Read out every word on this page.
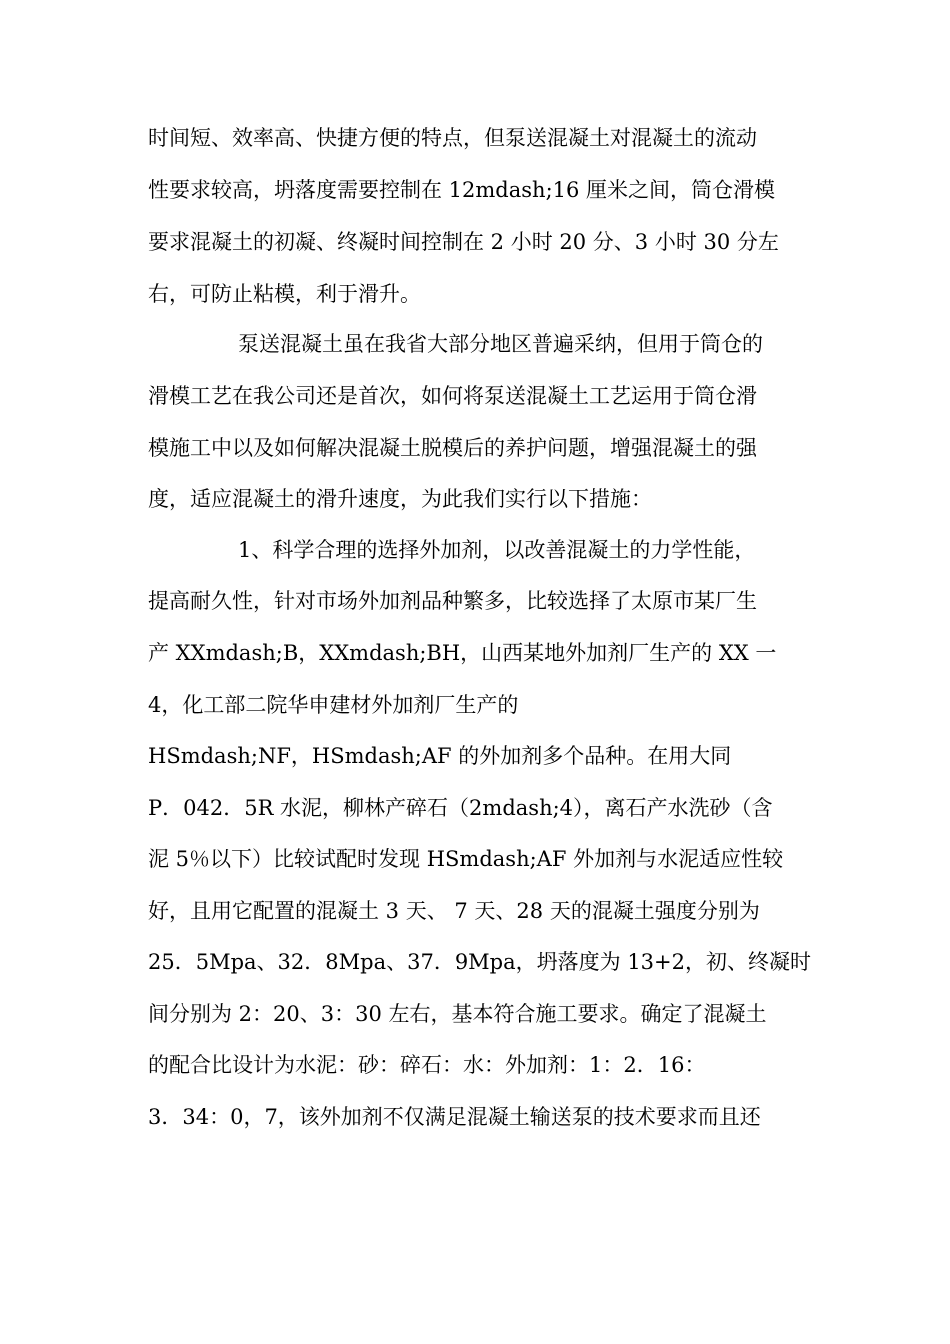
时间短、效率高、快捷方便的特点，但泵送混凝土对混凝土的流动
性要求较高，坍落度需要控制在 12mdash;16 厘米之间，筒仓滑模
要求混凝土的初凝、终凝时间控制在 2 小时 20 分、3 小时 30 分左
右，可防止粘模，利于滑升。
泵送混凝土虽在我省大部分地区普遍采纳，但用于筒仓的
滑模工艺在我公司还是首次，如何将泵送混凝土工艺运用于筒仓滑
模施工中以及如何解决混凝土脱模后的养护问题，增强混凝土的强
度，适应混凝土的滑升速度，为此我们实行以下措施：
1、科学合理的选择外加剂，以改善混凝土的力学性能，
提高耐久性，针对市场外加剂品种繁多，比较选择了太原市某厂生
产 XXmdash;B，XXmdash;BH，山西某地外加剂厂生产的 XX 一
4，化工部二院华申建材外加剂厂生产的
HSmdash;NF，HSmdash;AF 的外加剂多个品种。在用大同
P．042．5R 水泥，柳林产碎石（2mdash;4），离石产水洗砂（含
泥 5％以下）比较试配时发现 HSmdash;AF 外加剂与水泥适应性较
好，且用它配置的混凝土 3 天、 7 天、28 天的混凝土强度分别为
25．5Mpa、32．8Mpa、37．9Mpa，坍落度为 13+2，初、终凝时
间分别为 2：20、3：30 左右，基本符合施工要求。确定了混凝土
的配合比设计为水泥：砂：碎石：水：外加剂：1：2．16：
3．34：0，7，该外加剂不仅满足混凝土输送泵的技术要求而且还
